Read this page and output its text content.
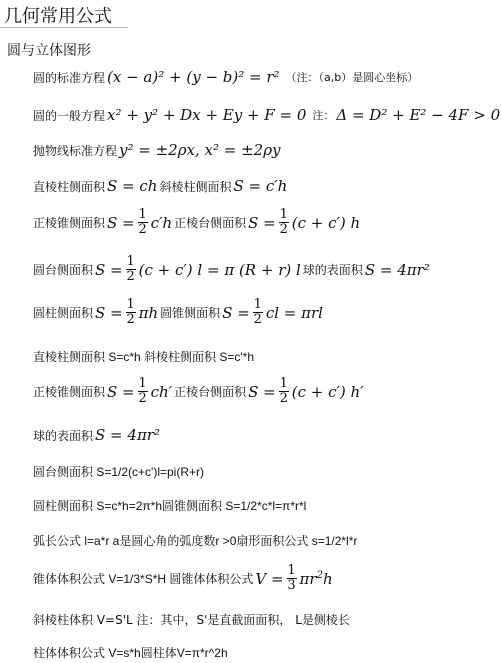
几何常用公式
圆与立体图形
圆的标准方程 (x − a)² + (y − b)² = r² （注：（a,b）是圆心坐标）
圆的一般方程 x² + y² + Dx + Ey + F = 0 注： Δ = D² + E² − 4F > 0
抛物线标准方程 y² = ±2ρx, x² = ±2ρy
直棱柱侧面积 S = ch 斜棱柱侧面积 S = c′h
正棱锥侧面积 $S = \frac{1}{2} c'h$ 正棱台侧面积 $S = \frac{1}{2} (c + c')$ h
圆台侧面积 $S = \frac{1}{2} (c + c') l = \pi$ (R + r) l 球的表面积 S = 4πr²
圆柱侧面积 $S = \frac{1}{2}$ πh 圆锥侧面积 $S = \frac{1}{2}$ cl = πrl
直棱柱侧面积 S=c*h 斜棱柱侧面积 S=c'*h
正棱锥侧面积 $S = \frac{1}{2} ch'$ 正棱台侧面积 $S = \frac{1}{2} (c + c')$ h′
球的表面积 S = 4πr²
圆台侧面积 S=1/2(c+c')l=pi(R+r)
圆柱侧面积 S=c*h=2π*h圆锥侧面积 S=1/2*c*l=π*r*l
弧长公式 l=a*r a是圆心角的弧度数r >0扇形面积公式 s=1/2*l*r
锥体体积公式 V=1/3*S*H 圆锥体体积公式 $V = \frac{1}{3} \pi r^2h$
斜棱柱体积 V=S'L 注：其中，S'是直截面面积， L是侧棱长
柱体体积公式 V=s*h圆柱体V=π*r^2h
